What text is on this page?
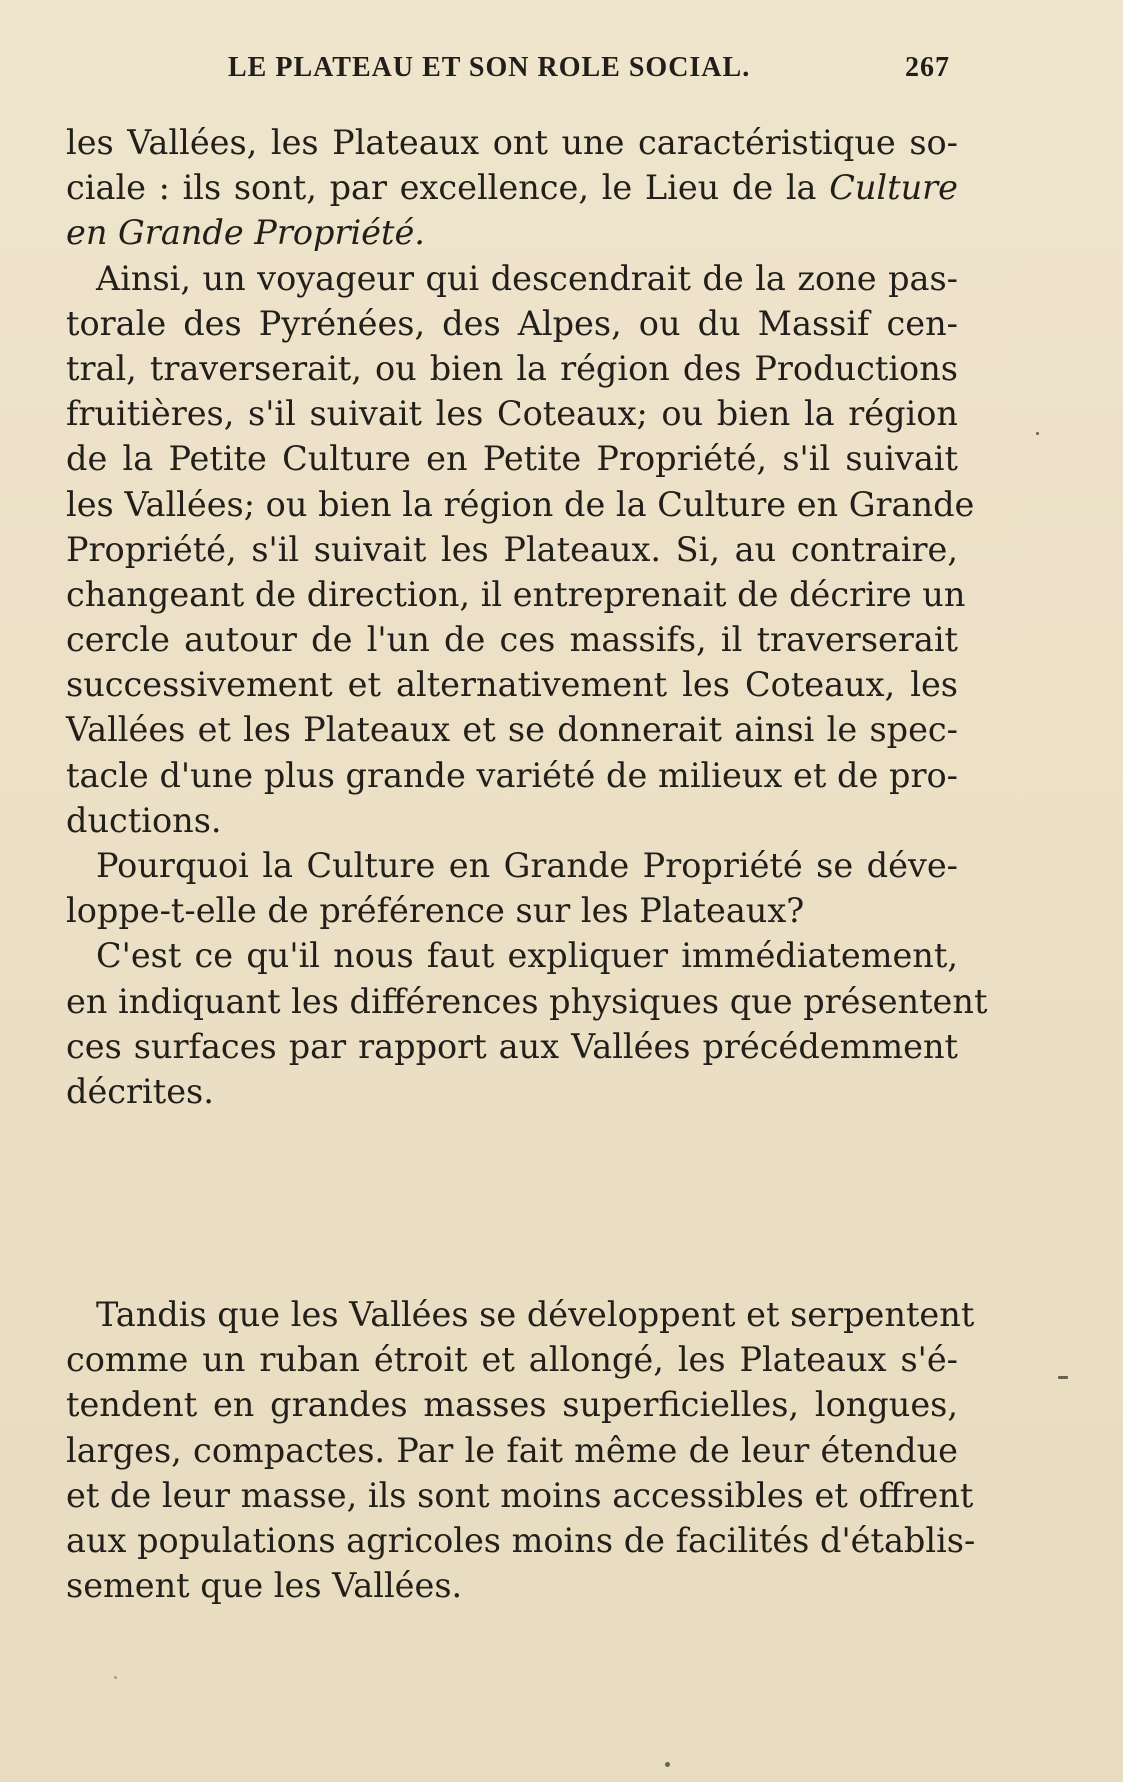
LE PLATEAU ET SON ROLE SOCIAL.	267
les Vallées, les Plateaux ont une caractéristique so-
ciale : ils sont, par excellence, le Lieu de la Culture
en Grande Propriété.
Ainsi, un voyageur qui descendrait de la zone pas-
torale des Pyrénées, des Alpes, ou du Massif cen-
tral, traverserait, ou bien la région des Productions
fruitières, s'il suivait les Coteaux; ou bien la région
de la Petite Culture en Petite Propriété, s'il suivait
les Vallées; ou bien la région de la Culture en Grande
Propriété, s'il suivait les Plateaux. Si, au contraire,
changeant de direction, il entreprenait de décrire un
cercle autour de l'un de ces massifs, il traverserait
successivement et alternativement les Coteaux, les
Vallées et les Plateaux et se donnerait ainsi le spec-
tacle d'une plus grande variété de milieux et de pro-
ductions.
Pourquoi la Culture en Grande Propriété se déve-
loppe-t-elle de préférence sur les Plateaux?
C'est ce qu'il nous faut expliquer immédiatement,
en indiquant les différences physiques que présentent
ces surfaces par rapport aux Vallées précédemment
décrites.
Tandis que les Vallées se développent et serpentent
comme un ruban étroit et allongé, les Plateaux s'é-
tendent en grandes masses superficielles, longues,
larges, compactes. Par le fait même de leur étendue
et de leur masse, ils sont moins accessibles et offrent
aux populations agricoles moins de facilités d'établis-
sement que les Vallées.
